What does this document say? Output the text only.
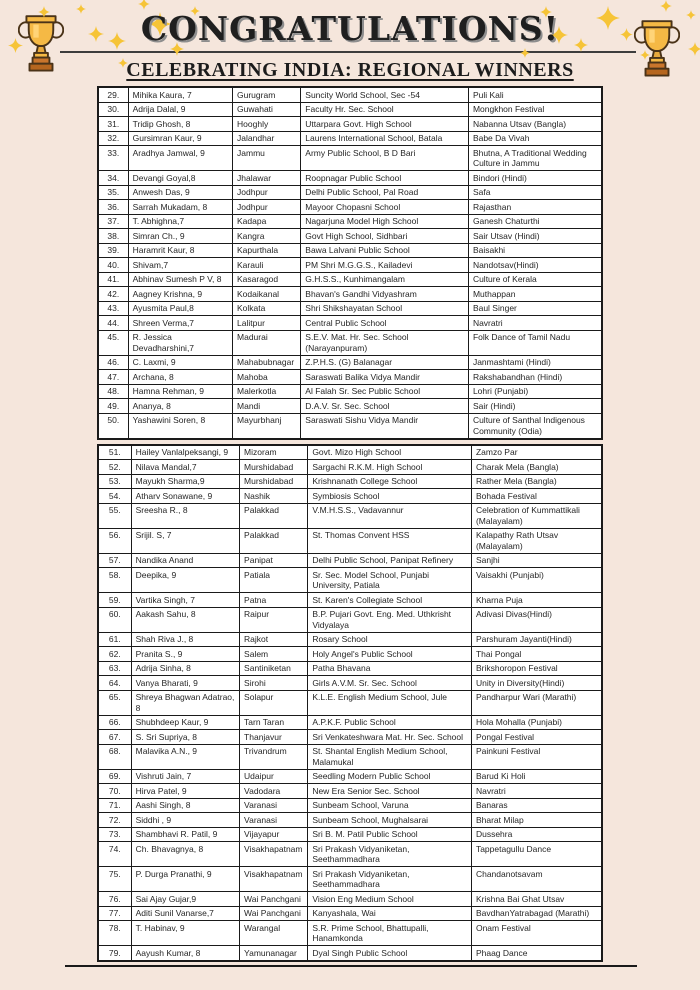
CONGRATULATIONS!
CELEBRATING INDIA: REGIONAL WINNERS
29.	Mihika Kaura, 7	Gurugram	Suncity World School, Sec -54	Puli Kali
30.	Adrija Dalal, 9	Guwahati	Faculty Hr. Sec. School	Mongkhon Festival
31.	Tridip Ghosh, 8	Hooghly	Uttarpara Govt. High School	Nabanna Utsav (Bangla)
32.	Gursimran Kaur, 9	Jalandhar	Laurens International School, Batala	Babe Da Vivah
33.	Aradhya Jamwal, 9	Jammu	Army Public School, B D Bari	Bhutna, A Traditional Wedding Culture in Jammu
34.	Devangi Goyal,8	Jhalawar	Roopnagar Public School	Bindori (Hindi)
35.	Anwesh Das, 9	Jodhpur	Delhi Public School, Pal Road	Safa
36.	Sarrah Mukadam, 8	Jodhpur	Mayoor Chopasni School	Rajasthan
37.	T. Abhighna,7	Kadapa	Nagarjuna Model High School	Ganesh Chaturthi
38.	Simran Ch., 9	Kangra	Govt High School, Sidhbari	Sair Utsav (Hindi)
39.	Haramrit Kaur, 8	Kapurthala	Bawa Lalvani Public School	Baisakhi
40.	Shivam,7	Karauli	PM Shri M.G.G.S., Kailadevi	Nandotsav(Hindi)
41.	Abhinav Sumesh P V, 8	Kasaragod	G.H.S.S., Kunhimangalam	Culture of Kerala
42.	Aagney Krishna, 9	Kodaikanal	Bhavan's Gandhi Vidyashram	Muthappan
43.	Ayusmita Paul,8	Kolkata	Shri Shikshayatan School	Baul Singer
44.	Shreen Verma,7	Lalitpur	Central Public School	Navratri
45.	R. Jessica Devadharshini,7	Madurai	S.E.V. Mat. Hr. Sec. School (Narayanpuram)	Folk Dance of Tamil Nadu
46.	C. Laxmi, 9	Mahabubnagar	Z.P.H.S. (G) Balanagar	Janmashtami (Hindi)
47.	Archana, 8	Mahoba	Saraswati Balika Vidya Mandir	Rakshabandhan (Hindi)
48.	Hamna Rehman, 9	Malerkotla	Al Falah Sr. Sec Public School	Lohri (Punjabi)
49.	Ananya, 8	Mandi	D.A.V. Sr. Sec. School	Sair (Hindi)
50.	Yashawini Soren, 8	Mayurbhanj	Saraswati Sishu Vidya Mandir	Culture of Santhal Indigenous Community (Odia)
51.	Hailey Vanlalpeksangi, 9	Mizoram	Govt. Mizo High School	Zamzo Par
52.	Nilava Mandal,7	Murshidabad	Sargachi R.K.M. High School	Charak Mela (Bangla)
53.	Mayukh Sharma,9	Murshidabad	Krishnanath College School	Rather Mela (Bangla)
54.	Atharv Sonawane, 9	Nashik	Symbiosis School	Bohada Festival
55.	Sreesha R., 8	Palakkad	V.M.H.S.S., Vadavannur	Celebration of Kummattikali (Malayalam)
56.	Srijil. S, 7	Palakkad	St. Thomas Convent HSS	Kalapathy Rath Utsav (Malayalam)
57.	Nandika Anand	Panipat	Delhi Public School, Panipat Refinery	Sanjhi
58.	Deepika, 9	Patiala	Sr. Sec. Model School, Punjabi University, Patiala	Vaisakhi (Punjabi)
59.	Vartika Singh, 7	Patna	St. Karen's Collegiate School	Kharna Puja
60.	Aakash Sahu, 8	Raipur	B.P. Pujari Govt. Eng. Med. Uthkrisht Vidyalaya	Adivasi Divas(Hindi)
61.	Shah Riva J., 8	Rajkot	Rosary School	Parshuram Jayanti(Hindi)
62.	Pranita S., 9	Salem	Holy Angel's Public School	Thai Pongal
63.	Adrija Sinha, 8	Santiniketan	Patha Bhavana	Brikshoropon Festival
64.	Vanya Bharati, 9	Sirohi	Girls A.V.M. Sr. Sec. School	Unity in Diversity(Hindi)
65.	Shreya Bhagwan Adatrao, 8	Solapur	K.L.E. English Medium School, Jule	Pandharpur Wari (Marathi)
66.	Shubhdeep Kaur, 9	Tarn Taran	A.P.K.F. Public School	Hola Mohalla (Punjabi)
67.	S. Sri Supriya, 8	Thanjavur	Sri Venkateshwara Mat. Hr. Sec. School	Pongal Festival
68.	Malavika A.N., 9	Trivandrum	St. Shantal English Medium School, Malamukal	Painkuni Festival
69.	Vishruti Jain, 7	Udaipur	Seedling Modern Public School	Barud Ki Holi
70.	Hirva Patel, 9	Vadodara	New Era Senior Sec. School	Navratri
71.	Aashi Singh, 8	Varanasi	Sunbeam School, Varuna	Banaras
72.	Siddhi , 9	Varanasi	Sunbeam School, Mughalsarai	Bharat Milap
73.	Shambhavi R. Patil, 9	Vijayapur	Sri B. M. Patil Public School	Dussehra
74.	Ch. Bhavagnya, 8	Visakhapatnam	Sri Prakash Vidyaniketan, Seethammadhara	Tappetagullu Dance
75.	P. Durga Pranathi, 9	Visakhapatnam	Sri Prakash Vidyaniketan, Seethammadhara	Chandanotsavam
76.	Sai Ajay Gujar,9	Wai Panchgani	Vision Eng Medium School	Krishna Bai Ghat Utsav
77.	Aditi Sunil Vanarse,7	Wai Panchgani	Kanyashala, Wai	BavdhanYatrabagad (Marathi)
78.	T. Habinav, 9	Warangal	S.R. Prime School, Bhattupalli, Hanamkonda	Onam Festival
79.	Aayush Kumar, 8	Yamunanagar	Dyal Singh Public School	Phaag Dance
